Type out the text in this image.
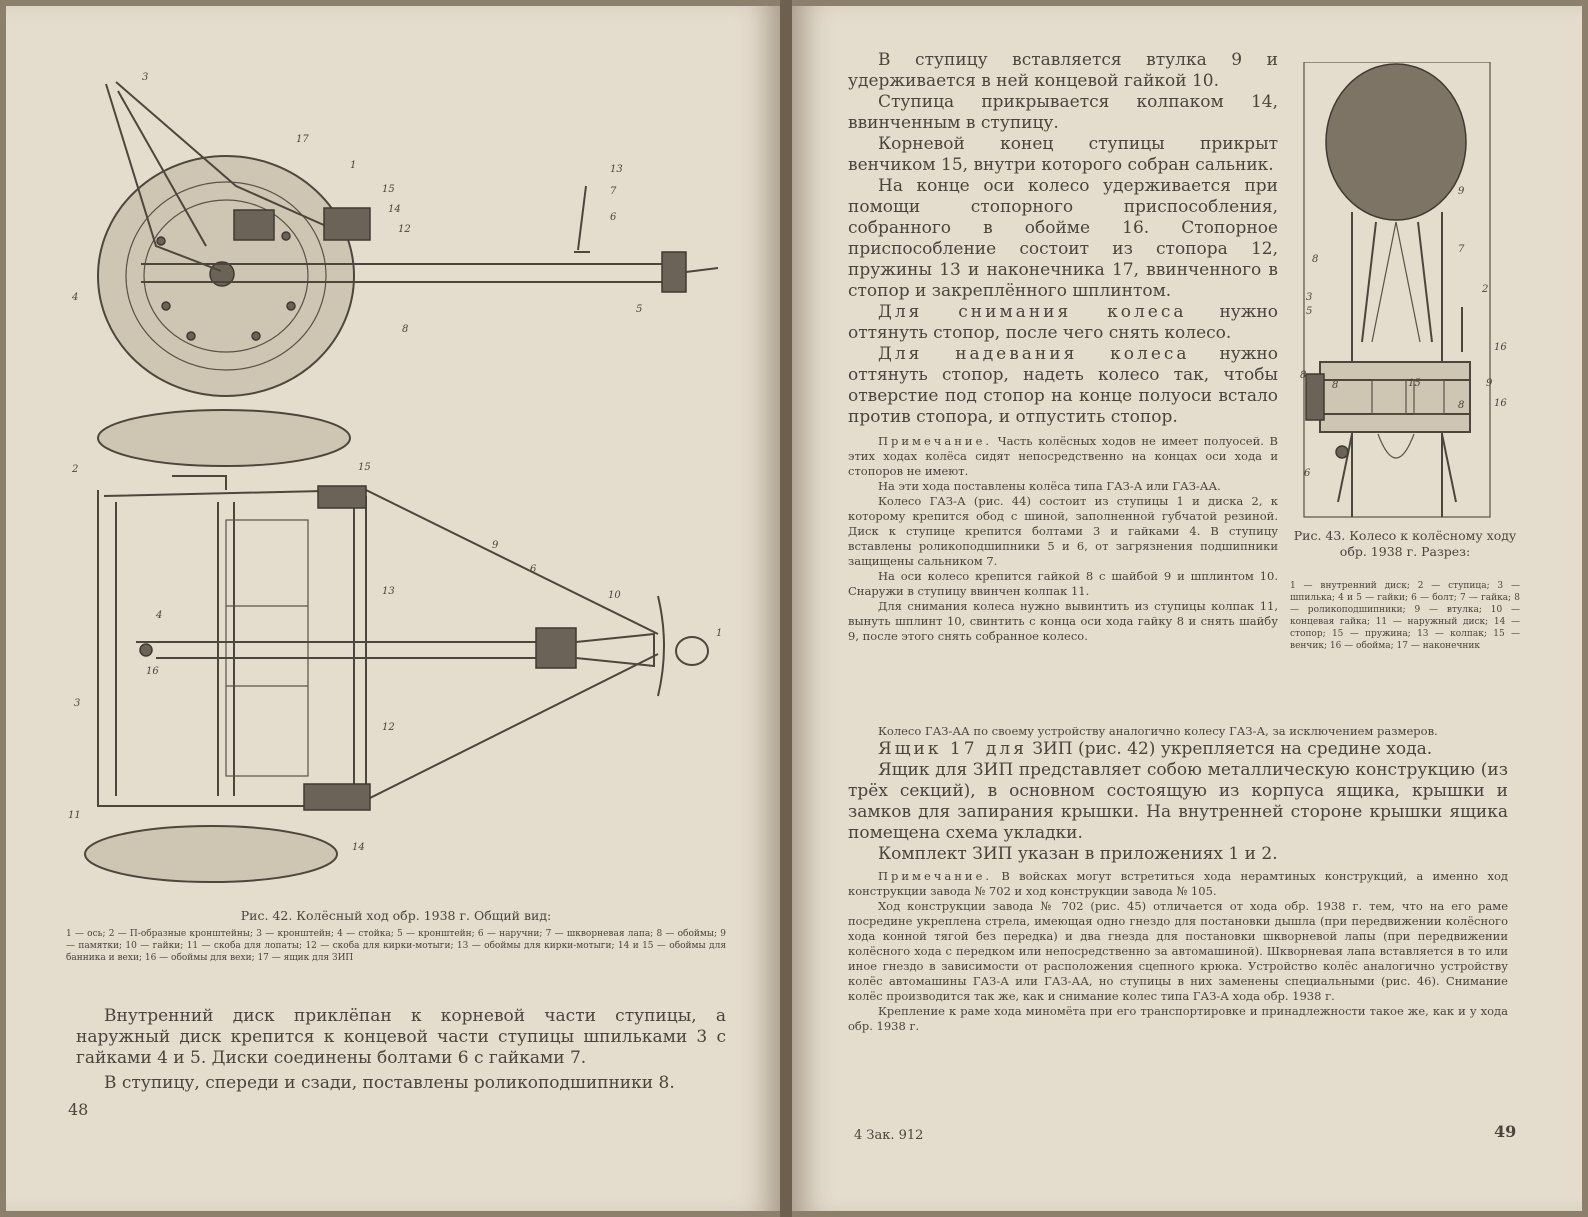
3
17
1
15
14
12
13
7
6
4
8
5
15
2
9
6
10
1
13
4
12
16
14
11
3

Рис. 42. Колёсный ход обр. 1938 г. Общий вид:

1 — ось; 2 — П-образные кронштейны; 3 — кронштейн; 4 — стойка; 5 — кронштейн; 6 — наручни; 7 — шкворневая лапа; 8 — обоймы; 9 — памятки; 10 — гайки; 11 — скоба для лопаты; 12 — скоба для кирки-мотыги; 13 — обоймы для кирки-мотыги; 14 и 15 — обоймы для банника и вехи; 16 — обоймы для вехи; 17 — ящик для ЗИП

Внутренний диск приклёпан к корневой части ступицы, а наружный диск крепится к концевой части ступицы шпильками 3 с гайками 4 и 5. Диски соединены болтами 6 с гайками 7.

В ступицу, спереди и сзади, поставлены роликоподшипники 8.

48

В ступицу вставляется втулка 9 и удерживается в ней концевой гайкой 10.

Ступица прикрывается колпаком 14, ввинченным в ступицу.

Корневой конец ступицы прикрыт венчиком 15, внутри которого собран сальник.

На конце оси колесо удерживается при помощи стопорного приспособления, собранного в обойме 16. Стопорное приспособление состоит из стопора 12, пружины 13 и наконечника 17, ввинченного в стопор и закреплённого шплинтом.

Для снимания колеса нужно оттянуть стопор, после чего снять колесо.

Для надевания колеса нужно оттянуть стопор, надеть колесо так, чтобы отверстие под стопор на конце полуоси встало против стопора, и отпустить стопор.

Примечание. Часть колёсных ходов не имеет полуосей. В этих ходах колёса сидят непосредственно на концах оси хода и стопоров не имеют.

На эти хода поставлены колёса типа ГАЗ-А или ГАЗ-АА.

Колесо ГАЗ-А (рис. 44) состоит из ступицы 1 и диска 2, к которому крепится обод с шиной, заполненной губчатой резиной. Диск к ступице крепится болтами 3 и гайками 4. В ступицу вставлены роликоподшипники 5 и 6, от загрязнения подшипники защищены сальником 7.

На оси колесо крепится гайкой 8 с шайбой 9 и шплинтом 10. Снаружи в ступицу ввинчен колпак 11.

Для снимания колеса нужно вывинтить из ступицы колпак 11, вынуть шплинт 10, свинтить с конца оси хода гайку 8 и снять шайбу 9, после этого снять собранное колесо.

9
8
7
3
5
2
16
15
8
16
8
9
8
6

Рис. 43. Колесо к колёсному ходу обр. 1938 г. Разрез:

1 — внутренний диск; 2 — ступица; 3 — шпилька; 4 и 5 — гайки; 6 — болт; 7 — гайка; 8 — роликоподшипники; 9 — втулка; 10 — концевая гайка; 11 — наружный диск; 14 — стопор; 15 — пружина; 13 — колпак; 15 — венчик; 16 — обойма; 17 — наконечник

Колесо ГАЗ-АА по своему устройству аналогично колесу ГАЗ-А, за исключением размеров.

Ящик 17 для ЗИП (рис. 42) укрепляется на средине хода.

Ящик для ЗИП представляет собою металлическую конструкцию (из трёх секций), в основном состоящую из корпуса ящика, крышки и замков для запирания крышки. На внутренней стороне крышки ящика помещена схема укладки.

Комплект ЗИП указан в приложениях 1 и 2.

Примечание. В войсках могут встретиться хода нерамтиных конструкций, а именно ход конструкции завода № 702 и ход конструкции завода № 105.

Ход конструкции завода № 702 (рис. 45) отличается от хода обр. 1938 г. тем, что на его раме посредине укреплена стрела, имеющая одно гнездо для постановки дышла (при передвижении колёсного хода конной тягой без передка) и два гнезда для постановки шкворневой лапы (при передвижении колёсного хода с передком или непосредственно за автомашиной). Шкворневая лапа вставляется в то или иное гнездо в зависимости от расположения сцепного крюка. Устройство колёс аналогично устройству колёс автомашины ГАЗ-А или ГАЗ-АА, но ступицы в них заменены специальными (рис. 46). Снимание колёс производится так же, как и снимание колес типа ГАЗ-А хода обр. 1938 г.

Крепление к раме хода миномёта при его транспортировке и принадлежности такое же, как и у хода обр. 1938 г.

4 Зак. 912	49
